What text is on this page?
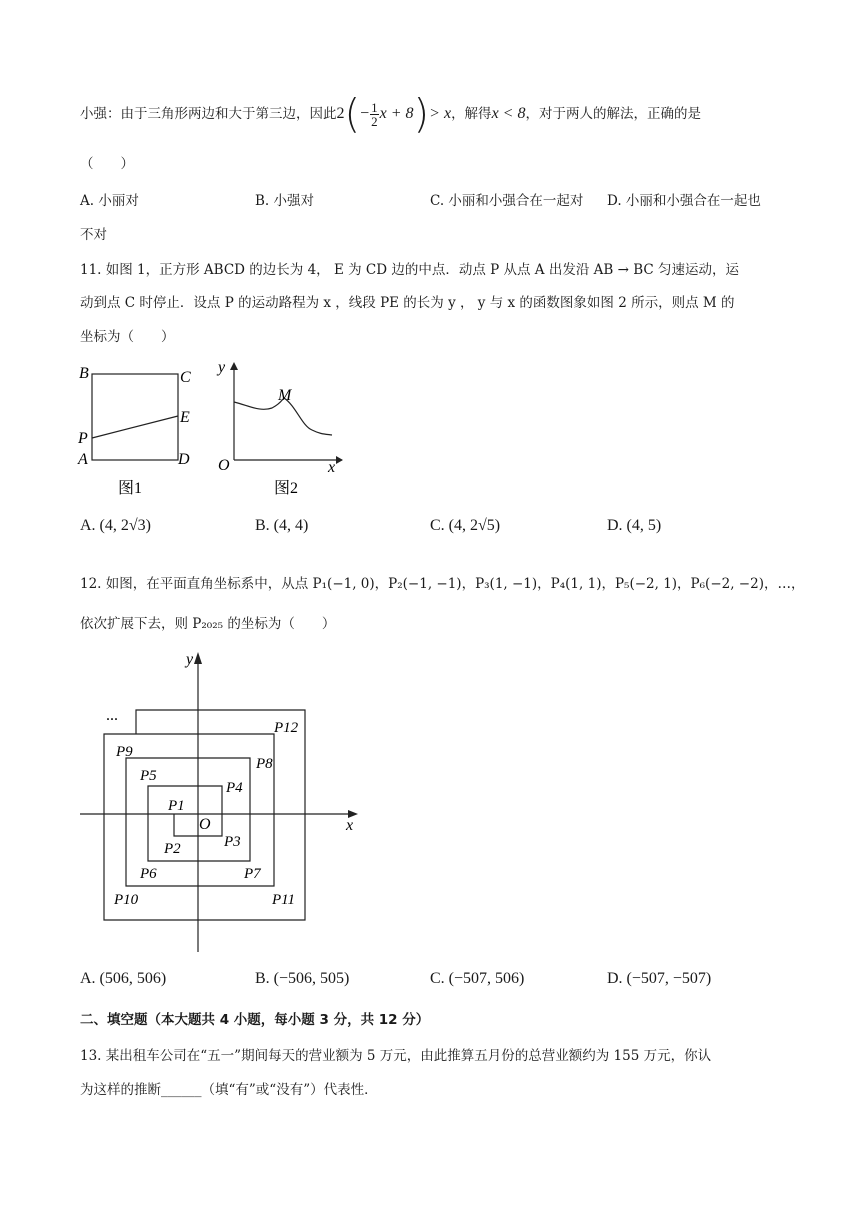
小强：由于三角形两边和大于第三边，因此$2(- \frac{1}{2}$ x + 8)> x，解得x < 8，对于两人的解法，正确的是
（　　）
A. 小丽对	B. 小强对	C. 小丽和小强合在一起对 D. 小丽和小强合在一起也
不对
11. 如图 1，正方形 ABCD 的边长为 4， E 为 CD 边的中点．动点 P 从点 A 出发沿 AB → BC 匀速运动，运
动到点 C 时停止．设点 P 的运动路程为 x ，线段 PE 的长为 y ， y 与 x 的函数图象如图 2 所示，则点 M 的
坐标为（　　）
B	C
E
P
A	D
图1
y
M
O	x
图2
A. (4, 2√3)	B. (4, 4)	C. (4, 2√5)	D. (4, 5)
12. 如图，在平面直角坐标系中，从点 P₁(−1, 0)，P₂(−1, −1)，P₃(1, −1)，P₄(1, 1)，P₅(−2, 1)，P₆(−2, −2)，…，
依次扩展下去，则 P₂₀₂₅ 的坐标为（　　）
...
y
x
O
P1
P2	P3
P4
P5
P6	P7
P8
P9
P10	P11
P12
A. (506, 506)	B. (−506, 505)	C. (−507, 506)	D. (−507, −507)
二、填空题（本大题共 4 小题，每小题 3 分，共 12 分）
13. 某出租车公司在“五一”期间每天的营业额为 5 万元，由此推算五月份的总营业额约为 155 万元，你认
为这样的推断______（填“有”或“没有”）代表性．
